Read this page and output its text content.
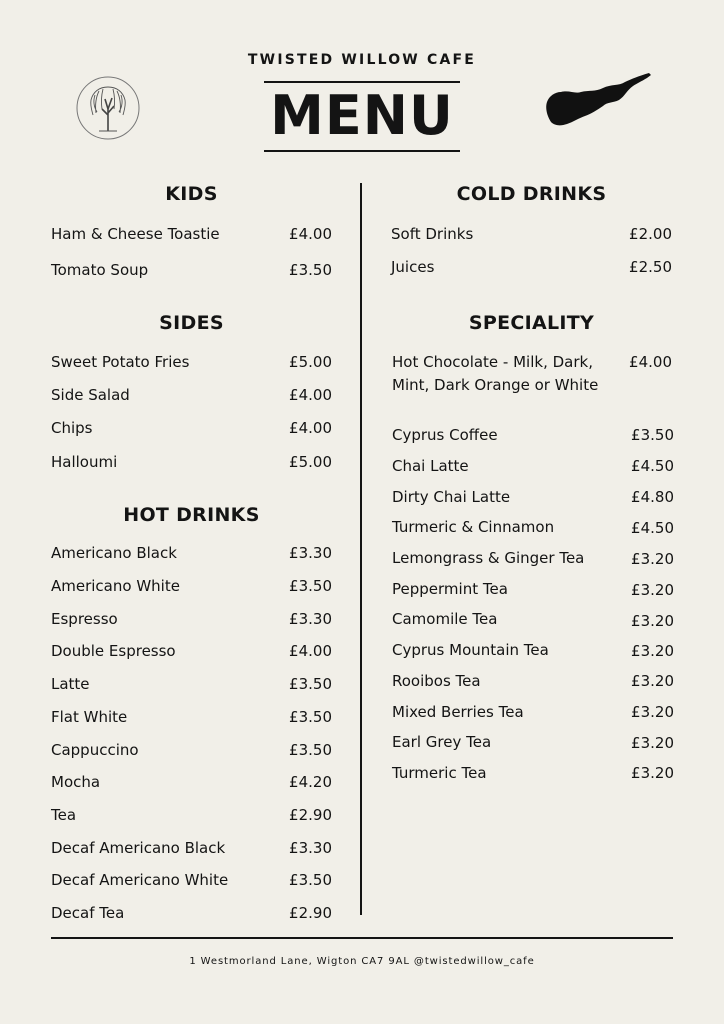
TWISTED WILLOW CAFE
MENU
KIDS
Ham & Cheese Toastie	£4.00
Tomato Soup	£3.50
SIDES
Sweet Potato Fries	£5.00
Side Salad	£4.00
Chips	£4.00
Halloumi	£5.00
HOT DRINKS
Americano Black	£3.30
Americano White	£3.50
Espresso	£3.30
Double Espresso	£4.00
Latte	£3.50
Flat White	£3.50
Cappuccino	£3.50
Mocha	£4.20
Tea	£2.90
Decaf Americano Black	£3.30
Decaf Americano White	£3.50
Decaf Tea	£2.90
COLD DRINKS
Soft Drinks	£2.00
Juices	£2.50
SPECIALITY
Hot Chocolate - Milk, Dark, Mint, Dark Orange or White
£4.00
Cyprus Coffee	£3.50
Chai Latte	£4.50
Dirty Chai Latte	£4.80
Turmeric & Cinnamon	£4.50
Lemongrass & Ginger Tea	£3.20
Peppermint Tea	£3.20
Camomile Tea	£3.20
Cyprus Mountain Tea	£3.20
Rooibos Tea	£3.20
Mixed Berries Tea	£3.20
Earl Grey Tea	£3.20
Turmeric Tea	£3.20
1 Westmorland Lane, Wigton CA7 9AL @twistedwillow_cafe
